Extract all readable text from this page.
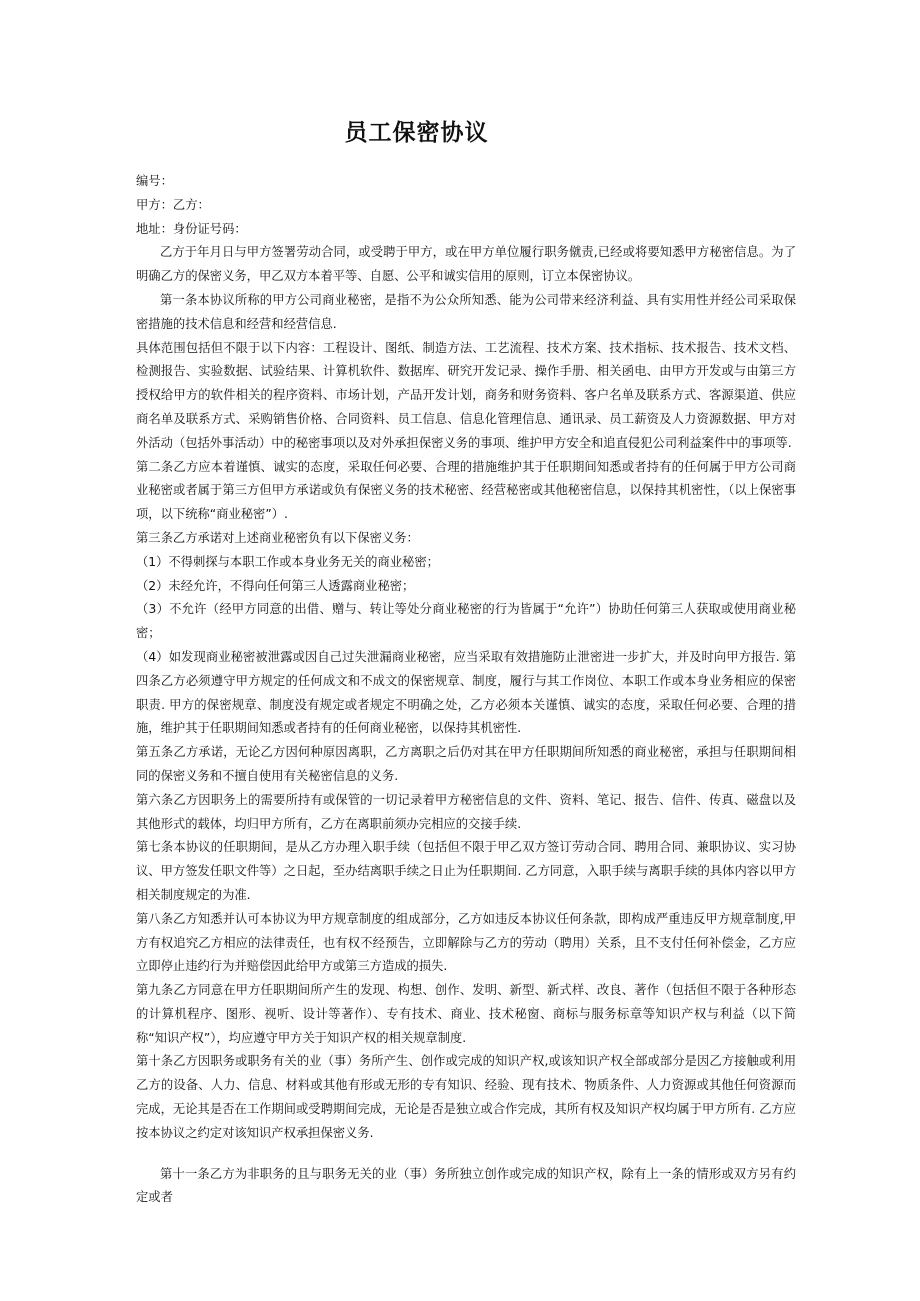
员工保密协议

编号：

甲方：乙方：

地址：身份证号码：

乙方于年月日与甲方签署劳动合同，或受聘于甲方，或在甲方单位履行职务僦责,已经或将要知悉甲方秘密信息。为了明确乙方的保密义务，甲乙双方本着平等、自愿、公平和诚实信用的原则，订立本保密协议。

第一条本协议所称的甲方公司商业秘密，是指不为公众所知悉、能为公司带来经济利益、具有实用性并经公司采取保密措施的技术信息和经营和经营信息.

具体范围包括但不限于以下内容：工程设计、图纸、制造方法、工艺流程、技术方案、技术指标、技术报告、技术文档、检测报告、实验数据、试验结果、计算机软件、数据库、研究开发记录、操作手册、相关函电、由甲方开发或与由第三方授权给甲方的软件相关的程序资料、市场计划，产品开发计划，商务和财务资料、客户名单及联系方式、客源渠道、供应商名单及联系方式、采购销售价格、合同资料、员工信息、信息化管理信息、通讯录、员工薪资及人力资源数据、甲方对外活动（包括外事活动）中的秘密事项以及对外承担保密义务的事项、维护甲方安全和追直侵犯公司利益案件中的事项等.

第二条乙方应本着谨慎、诚实的态度，采取任何必要、合理的措施维护其于任职期间知悉或者持有的任何属于甲方公司商业秘密或者属于第三方但甲方承诺或负有保密义务的技术秘密、经营秘密或其他秘密信息，以保持其机密性，（以上保密事项，以下统称“商业秘密”）.

第三条乙方承诺对上述商业秘密负有以下保密义务：

（1）不得刺探与本职工作或本身业务无关的商业秘密；

（2）未经允许，不得向任何第三人透露商业秘密；

（3）不允许（经甲方同意的出借、赠与、转让等处分商业秘密的行为皆属于“允许”）协助任何第三人获取或使用商业秘密；

（4）如发现商业秘密被泄露或因自己过失泄漏商业秘密，应当采取有效措施防止泄密进一步扩大，并及时向甲方报告. 第四条乙方必须遵守甲方规定的任何成文和不成文的保密规章、制度，履行与其工作岗位、本职工作或本身业务相应的保密职责. 甲方的保密规章、制度没有规定或者规定不明确之处，乙方必须本关谨慎、诚实的态度，采取任何必要、合理的措施，维护其于任职期间知悉或者持有的任何商业秘密，以保持其机密性.

第五条乙方承诺，无论乙方因何种原因离职，乙方离职之后仍对其在甲方任职期间所知悉的商业秘密，承担与任职期间相同的保密义务和不擅自使用有关秘密信息的义务.

第六条乙方因职务上的需要所持有或保管的一切记录着甲方秘密信息的文件、资料、笔记、报告、信件、传真、磁盘以及其他形式的载体，均归甲方所有，乙方在离职前须办完相应的交接手续.

第七条本协议的任职期间，是从乙方办理入职手续（包括但不限于甲乙双方签订劳动合同、聘用合同、兼职协议、实习协议、甲方签发任职文件等）之日起，至办结离职手续之日止为任职期间. 乙方同意，入职手续与离职手续的具体内容以甲方相关制度规定的为准.

第八条乙方知悉并认可本协议为甲方规章制度的组成部分，乙方如违反本协议任何条款，即构成严重违反甲方规章制度,甲方有权追究乙方相应的法律责任，也有权不经预告，立即解除与乙方的劳动（聘用）关系，且不支付任何补偿金，乙方应立即停止违约行为并赔偿因此给甲方或第三方造成的损失.

第九条乙方同意在甲方任职期间所产生的发现、构想、创作、发明、新型、新式样、改良、著作（包括但不限于各种形态的计算机程序、图形、视听、设计等著作）、专有技术、商业、技术秘窗、商标与服务标章等知识产权与利益（以下简称“知识产权”），均应遵守甲方关于知识产权的相关规章制度.

第十条乙方因职务或职务有关的业（事）务所产生、创作或完成的知识产权,或该知识产权全部或部分是因乙方接触或利用乙方的设备、人力、信息、材料或其他有形或无形的专有知识、经验、现有技术、物质条件、人力资源或其他任何资源而完成，无论其是否在工作期间或受聘期间完成，无论是否是独立或合作完成，其所有权及知识产权均属于甲方所有. 乙方应按本协议之约定对该知识产权承担保密义务.

第十一条乙方为非职务的且与职务无关的业（事）务所独立创作或完成的知识产权，除有上一条的情形或双方另有约定或者
